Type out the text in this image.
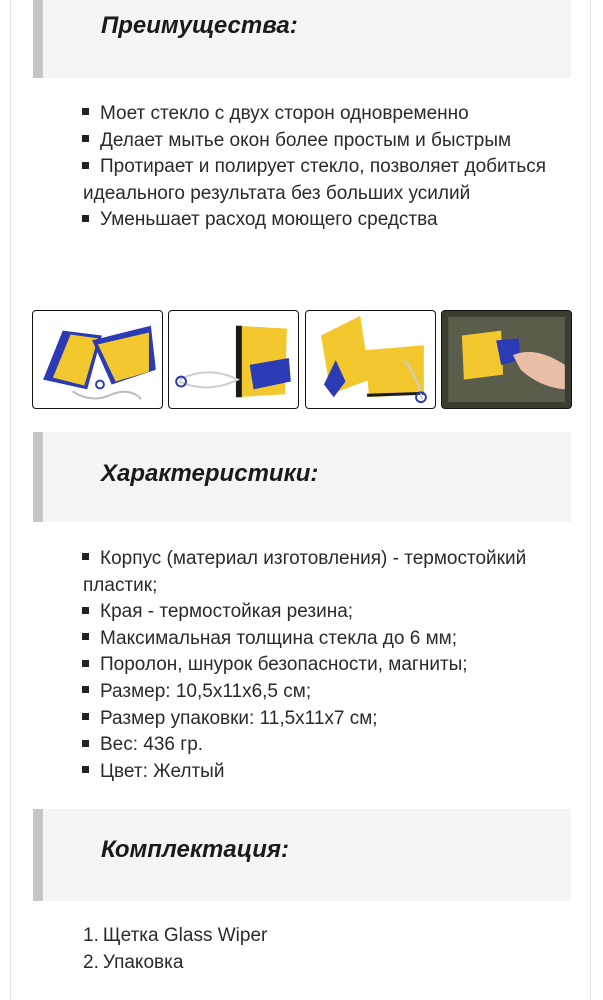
Преимущества:
Моет стекло с двух сторон одновременно
Делает мытье окон более простым и быстрым
Протирает и полирует стекло, позволяет добиться идеального результата без больших усилий
Уменьшает расход моющего средства
Характеристики:
Корпус (материал изготовления) - термостойкий пластик;
Края - термостойкая резина;
Максимальная толщина стекла до 6 мм;
Поролон, шнурок безопасности, магниты;
Размер: 10,5х11х6,5 см;
Размер упаковки: 11,5х11х7 см;
Вес: 436 гр.
Цвет: Желтый
Комплектация:
1. Щетка Glass Wiper
2. Упаковка
